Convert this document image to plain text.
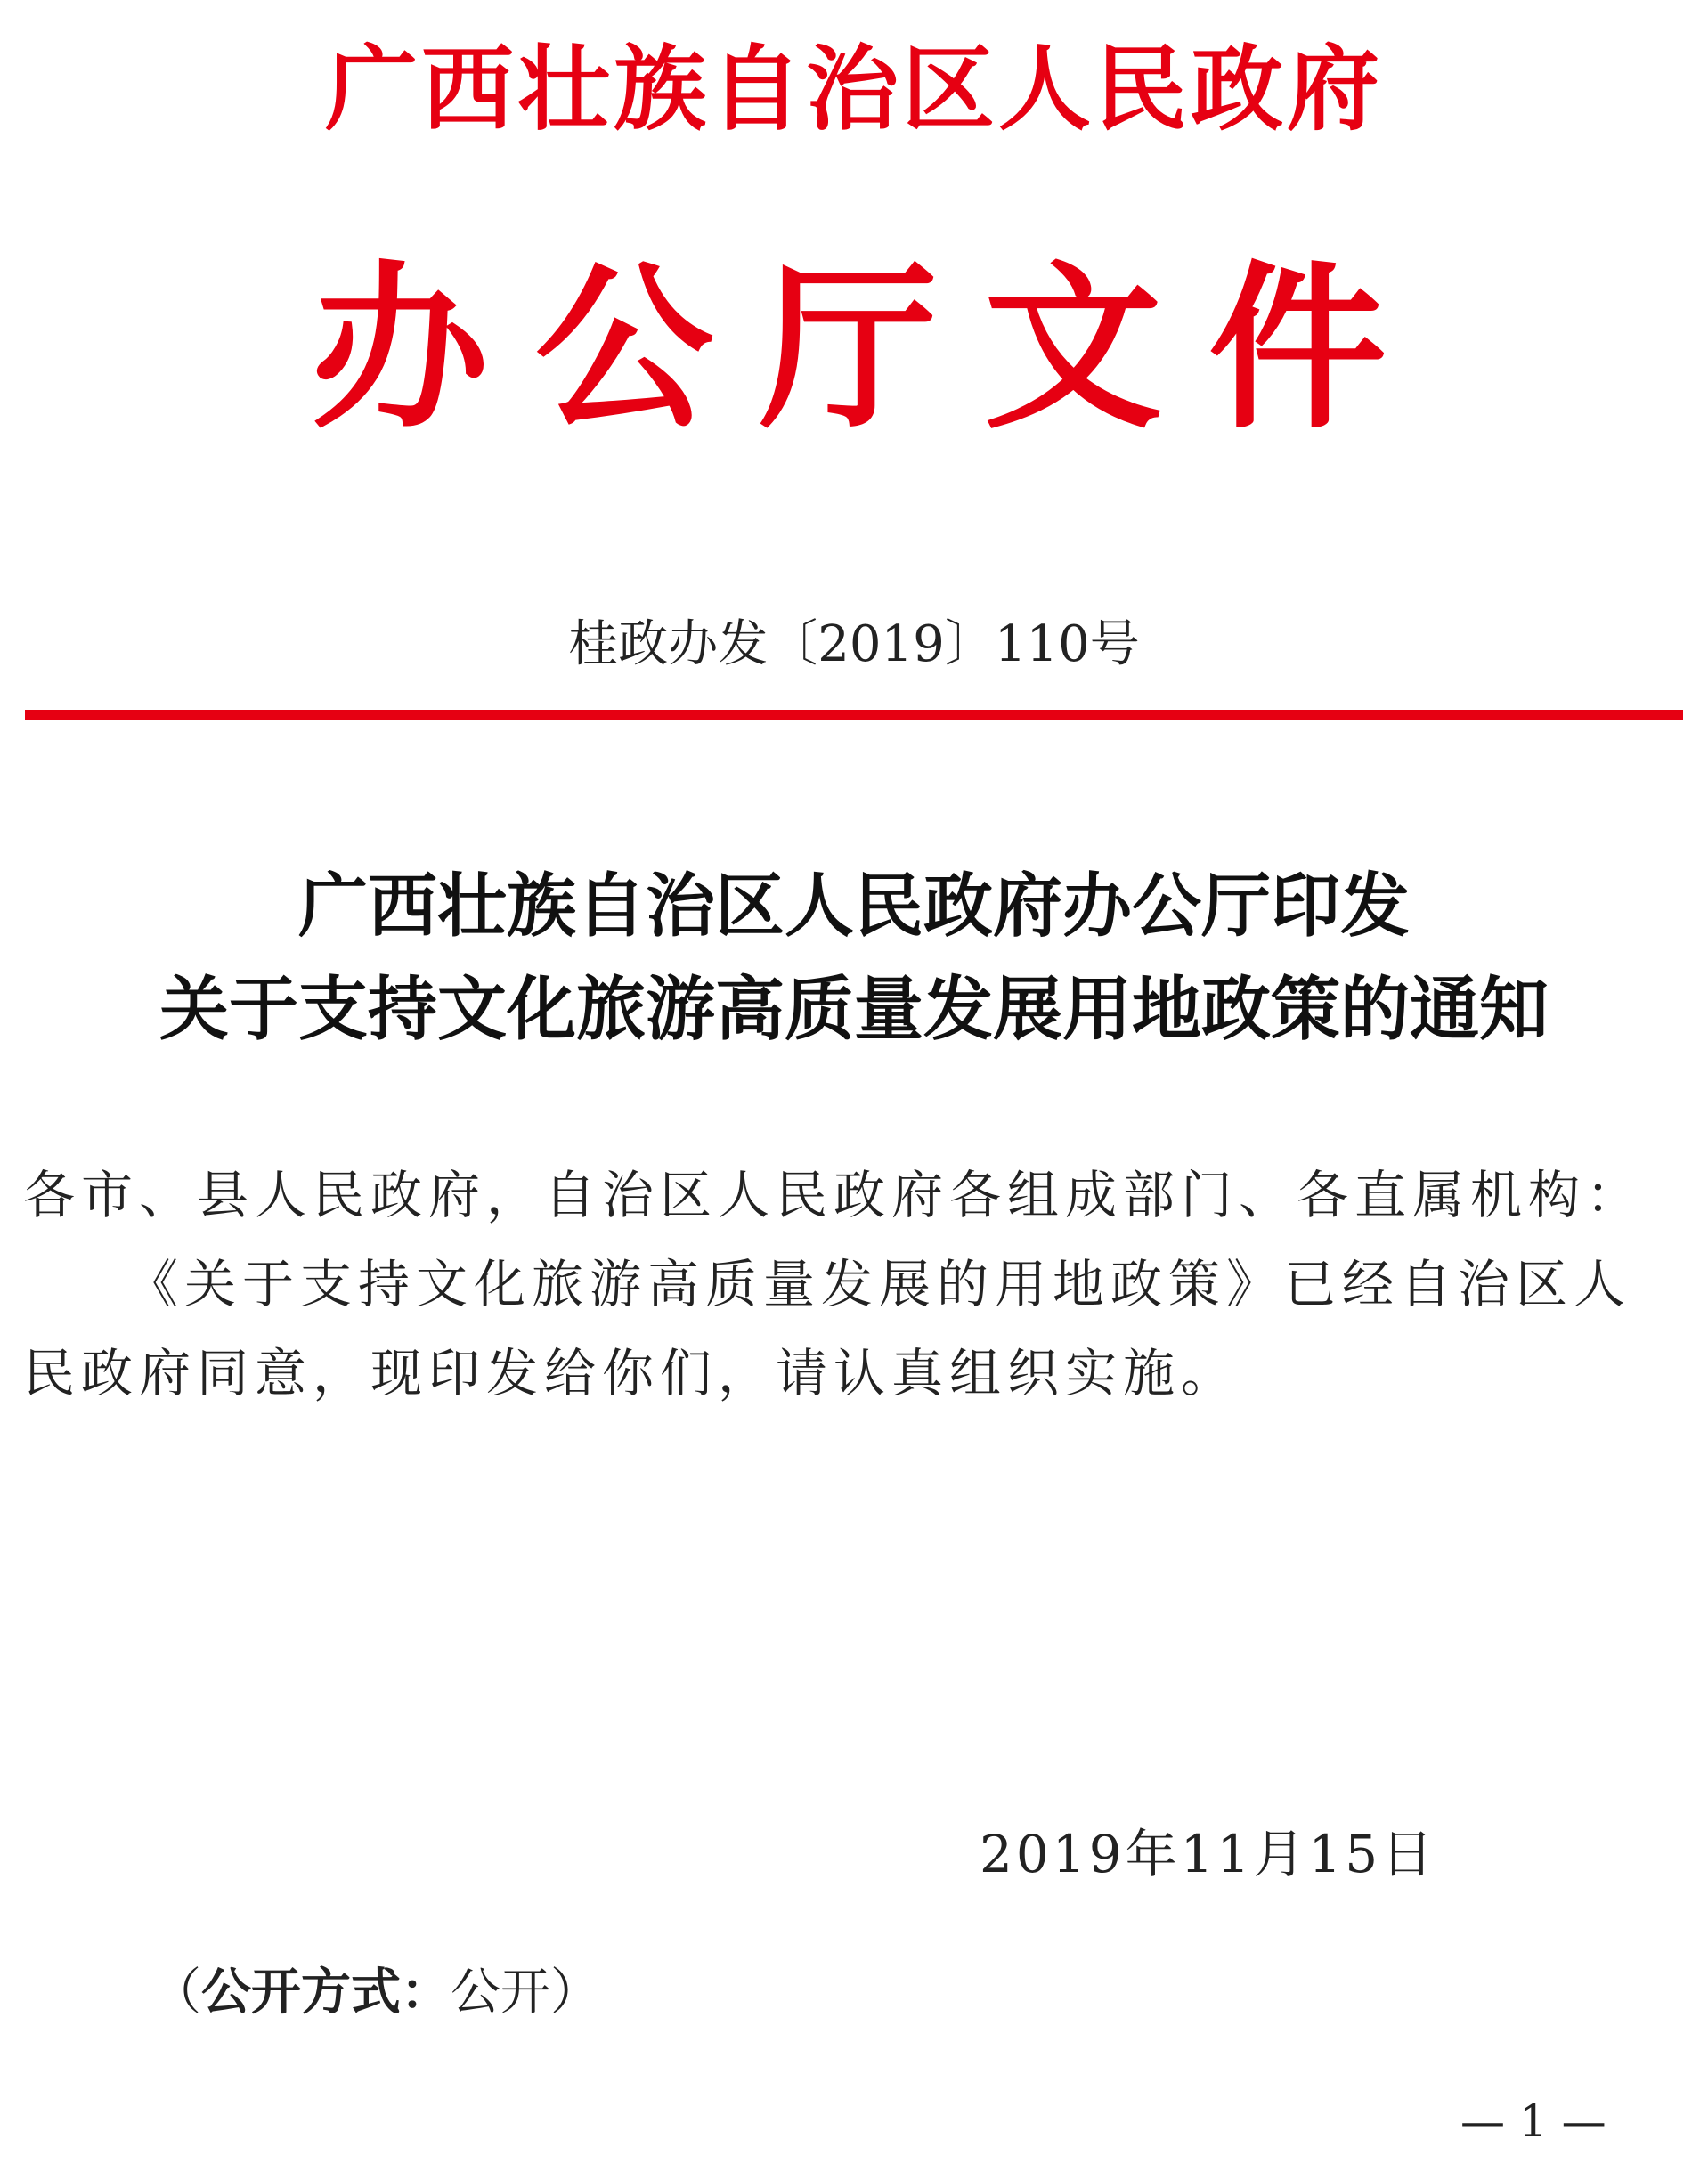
广西壮族自治区人民政府
办公厅文件
桂政办发〔2019〕110号
广西壮族自治区人民政府办公厅印发
关于支持文化旅游高质量发展用地政策的通知
各市、县人民政府，自治区人民政府各组成部门、各直属机构：
《关于支持文化旅游高质量发展的用地政策》已经自治区人民政府同意，现印发给你们，请认真组织实施。
2019年11月15日
（公开方式：公开）
— 1 —
